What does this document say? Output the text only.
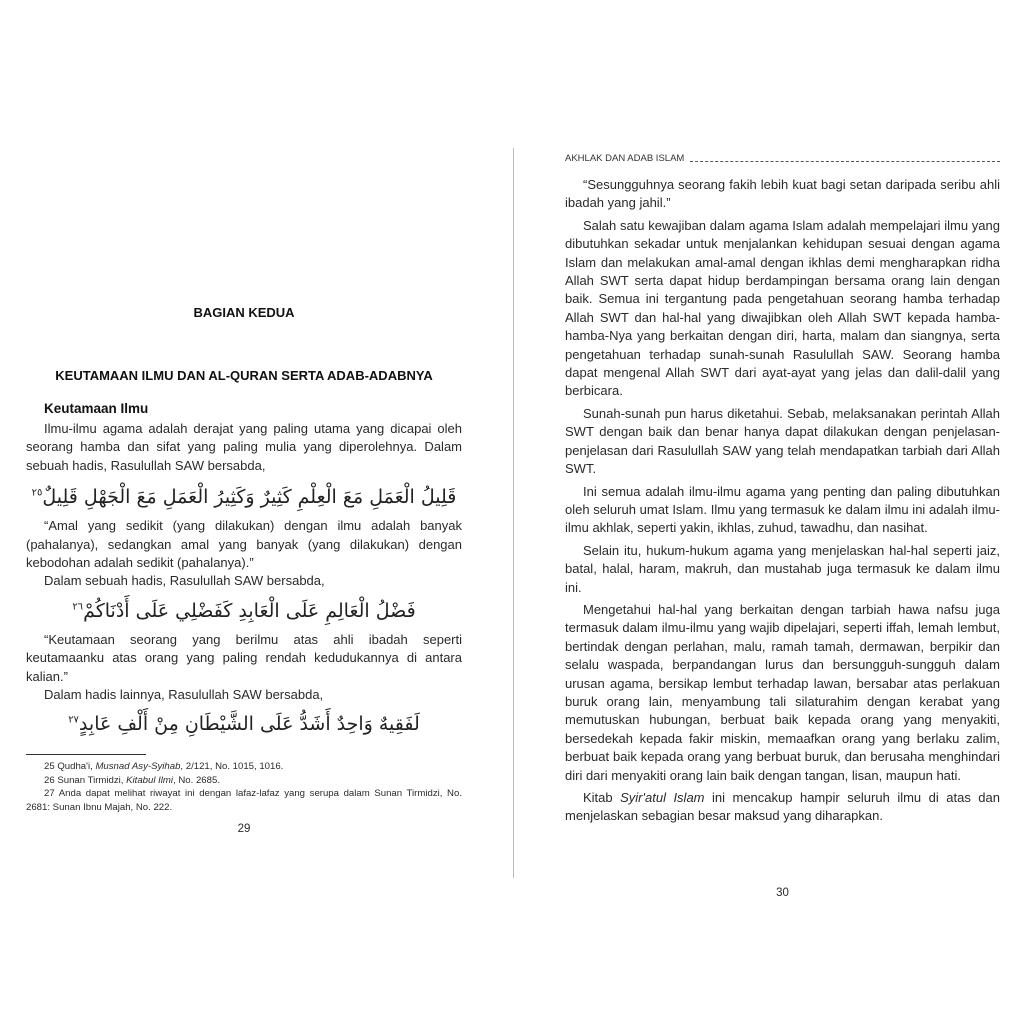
BAGIAN KEDUA
KEUTAMAAN ILMU DAN AL-QURAN SERTA ADAB-ADABNYA
Keutamaan Ilmu

Ilmu-ilmu agama adalah derajat yang paling utama yang dicapai oleh seorang hamba dan sifat yang paling mulia yang diperolehnya. Dalam sebuah hadis, Rasulullah SAW bersabda,

قَلِيلُ الْعَمَلِ مَعَ الْعِلْمِ كَثِيرٌ وَكَثِيرُ الْعَمَلِ مَعَ الْجَهْلِ قَلِيلٌ$^{٢٥}$

“Amal yang sedikit (yang dilakukan) dengan ilmu adalah banyak (pahalanya), sedangkan amal yang banyak (yang dilakukan) dengan kebodohan adalah sedikit (pahalanya).”

Dalam sebuah hadis, Rasulullah SAW bersabda,

فَضْلُ الْعَالِمِ عَلَى الْعَابِدِ كَفَضْلِي عَلَى أَدْنَاكُمْ$^{٢٦}$

“Keutamaan seorang yang berilmu atas ahli ibadah seperti keutamaanku atas orang yang paling rendah kedudukannya di antara kalian.”

Dalam hadis lainnya, Rasulullah SAW bersabda,

لَفَقِيهٌ وَاحِدٌ أَشَدُّ عَلَى الشَّيْطَانِ مِنْ أَلْفِ عَابِدٍ$^{٢٧}$

25 Qudha'i, Musnad Asy-Syihab, 2/121, No. 1015, 1016.

26 Sunan Tirmidzi, Kitabul Ilmi, No. 2685.

27 Anda dapat melihat riwayat ini dengan lafaz-lafaz yang serupa dalam Sunan Tirmidzi, No. 2681: Sunan Ibnu Majah, No. 222.

29
AKHLAK DAN ADAB ISLAM

“Sesungguhnya seorang fakih lebih kuat bagi setan daripada seribu ahli ibadah yang jahil.”

Salah satu kewajiban dalam agama Islam adalah mempelajari ilmu yang dibutuhkan sekadar untuk menjalankan kehidupan sesuai dengan agama Islam dan melakukan amal-amal dengan ikhlas demi mengharapkan ridha Allah SWT serta dapat hidup berdampingan bersama orang lain dengan baik. Semua ini tergantung pada pengetahuan seorang hamba terhadap Allah SWT dan hal-hal yang diwajibkan oleh Allah SWT kepada hamba-hamba-Nya yang berkaitan dengan diri, harta, malam dan siangnya, serta pengetahuan terhadap sunah-sunah Rasulullah SAW. Seorang hamba dapat mengenal Allah SWT dari ayat-ayat yang jelas dan dalil-dalil yang berbicara.

Sunah-sunah pun harus diketahui. Sebab, melaksanakan perintah Allah SWT dengan baik dan benar hanya dapat dilakukan dengan penjelasan-penjelasan dari Rasulullah SAW yang telah mendapatkan tarbiah dari Allah SWT.

Ini semua adalah ilmu-ilmu agama yang penting dan paling dibutuhkan oleh seluruh umat Islam. Ilmu yang termasuk ke dalam ilmu ini adalah ilmu-ilmu akhlak, seperti yakin, ikhlas, zuhud, tawadhu, dan nasihat.

Selain itu, hukum-hukum agama yang menjelaskan hal-hal seperti jaiz, batal, halal, haram, makruh, dan mustahab juga termasuk ke dalam ilmu ini.

Mengetahui hal-hal yang berkaitan dengan tarbiah hawa nafsu juga termasuk dalam ilmu-ilmu yang wajib dipelajari, seperti iffah, lemah lembut, bertindak dengan perlahan, malu, ramah tamah, dermawan, berpikir dan selalu waspada, berpandangan lurus dan bersungguh-sungguh dalam urusan agama, bersikap lembut terhadap lawan, bersabar atas perlakuan buruk orang lain, menyambung tali silaturahim dengan kerabat yang memutuskan hubungan, berbuat baik kepada orang yang menyakiti, bersedekah kepada fakir miskin, memaafkan orang yang berlaku zalim, berbuat baik kepada orang yang berbuat buruk, dan berusaha menghindari diri dari menyakiti orang lain baik dengan tangan, lisan, maupun hati.

Kitab Syir'atul Islam ini mencakup hampir seluruh ilmu di atas dan menjelaskan sebagian besar maksud yang diharapkan.

30
